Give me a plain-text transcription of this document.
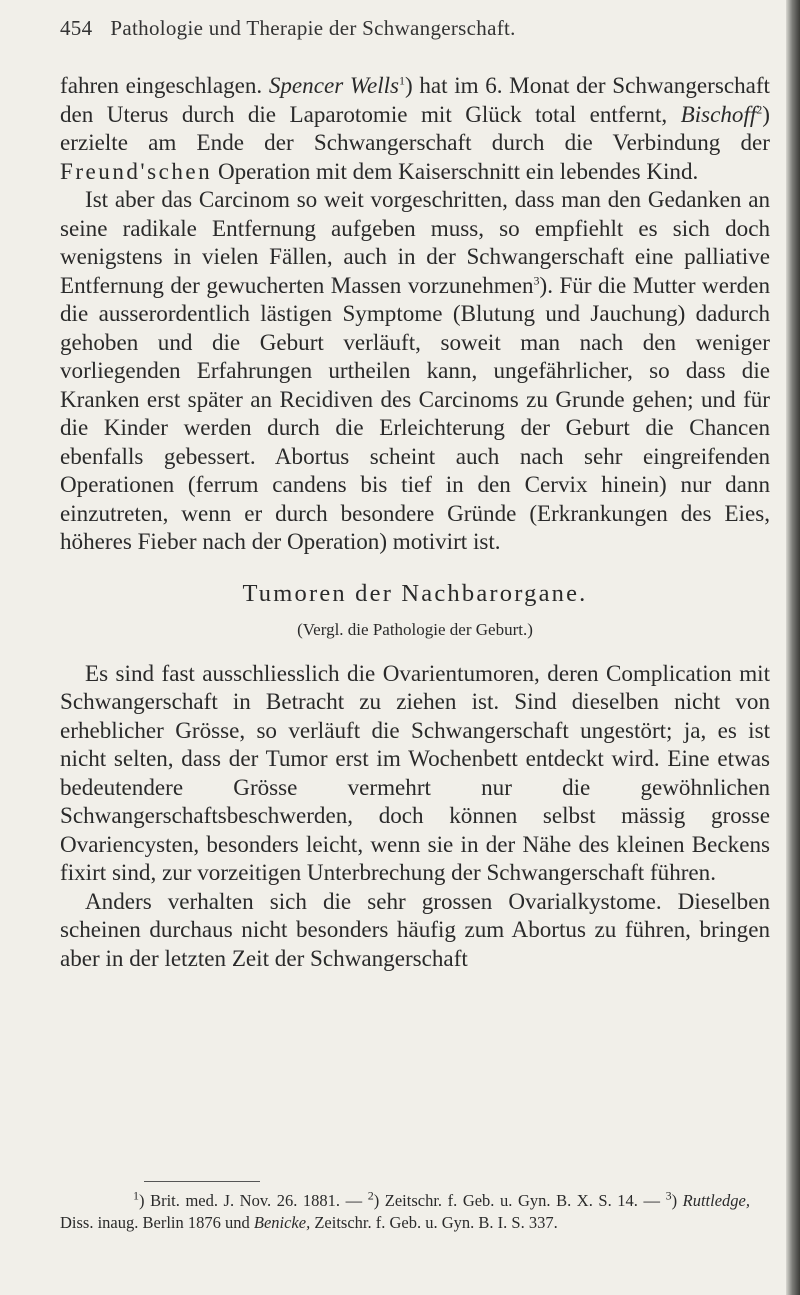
454 Pathologie und Therapie der Schwangerschaft.

fahren eingeschlagen. Spencer Wells$^1$) hat im 6. Monat der Schwangerschaft den Uterus durch die Laparotomie mit Glück total entfernt, Bischoff$^2$) erzielte am Ende der Schwangerschaft durch die Verbindung der Freund'schen Operation mit dem Kaiserschnitt ein lebendes Kind.

Ist aber das Carcinom so weit vorgeschritten, dass man den Gedanken an seine radikale Entfernung aufgeben muss, so empfiehlt es sich doch wenigstens in vielen Fällen, auch in der Schwangerschaft eine palliative Entfernung der gewucherten Massen vorzunehmen$^3$). Für die Mutter werden die ausserordentlich lästigen Symptome (Blutung und Jauchung) dadurch gehoben und die Geburt verläuft, soweit man nach den weniger vorliegenden Erfahrungen urtheilen kann, ungefährlicher, so dass die Kranken erst später an Recidiven des Carcinoms zu Grunde gehen; und für die Kinder werden durch die Erleichterung der Geburt die Chancen ebenfalls gebessert. Abortus scheint auch nach sehr eingreifenden Operationen (ferrum candens bis tief in den Cervix hinein) nur dann einzutreten, wenn er durch besondere Gründe (Erkrankungen des Eies, höheres Fieber nach der Operation) motivirt ist.

Tumoren der Nachbarorgane.
(Vergl. die Pathologie der Geburt.)

Es sind fast ausschliesslich die Ovarientumoren, deren Complication mit Schwangerschaft in Betracht zu ziehen ist. Sind dieselben nicht von erheblicher Grösse, so verläuft die Schwangerschaft ungestört; ja, es ist nicht selten, dass der Tumor erst im Wochenbett entdeckt wird. Eine etwas bedeutendere Grösse vermehrt nur die gewöhnlichen Schwangerschaftsbeschwerden, doch können selbst mässig grosse Ovariencysten, besonders leicht, wenn sie in der Nähe des kleinen Beckens fixirt sind, zur vorzeitigen Unterbrechung der Schwangerschaft führen.

Anders verhalten sich die sehr grossen Ovarialkystome. Dieselben scheinen durchaus nicht besonders häufig zum Abortus zu führen, bringen aber in der letzten Zeit der Schwangerschaft

$^1$) Brit. med. J. Nov. 26. 1881. — $^2$) Zeitschr. f. Geb. u. Gyn. B. X. S. 14. — $^3$) Ruttledge, Diss. inaug. Berlin 1876 und Benicke, Zeitschr. f. Geb. u. Gyn. B. I. S. 337.
